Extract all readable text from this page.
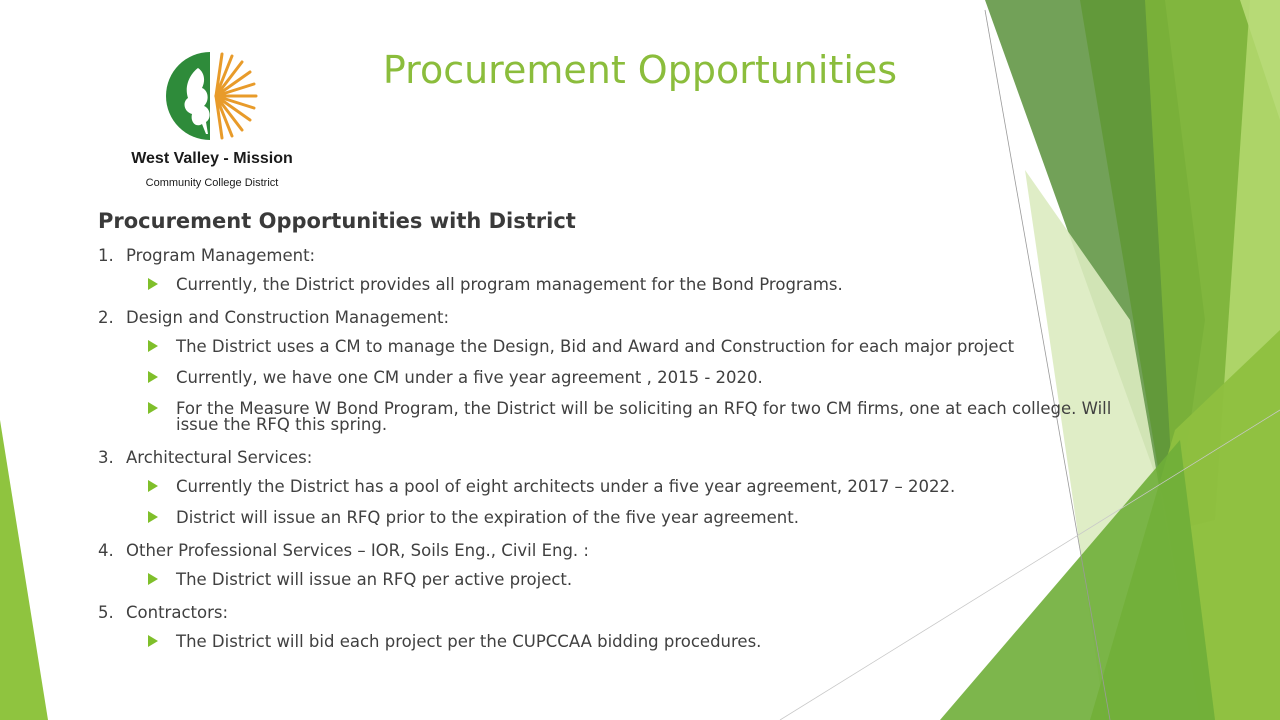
West Valley - Mission
Community College District
Procurement Opportunities
Procurement Opportunities with District
1. Program Management:
Currently, the District provides all program management for the Bond Programs.
2. Design and Construction Management:
The District uses a CM to manage the Design, Bid and Award and Construction for each major project
Currently, we have one CM under a five year agreement , 2015 - 2020.
For the Measure W Bond Program, the District will be soliciting an RFQ for two CM firms, one at each college. Will issue the RFQ this spring.
3. Architectural Services:
Currently the District has a pool of eight architects under a five year agreement, 2017 – 2022.
District will issue an RFQ prior to the expiration of the five year agreement.
4. Other Professional Services – IOR, Soils Eng., Civil Eng. :
The District will issue an RFQ per active project.
5. Contractors:
The District will bid each project per the CUPCCAA bidding procedures.
